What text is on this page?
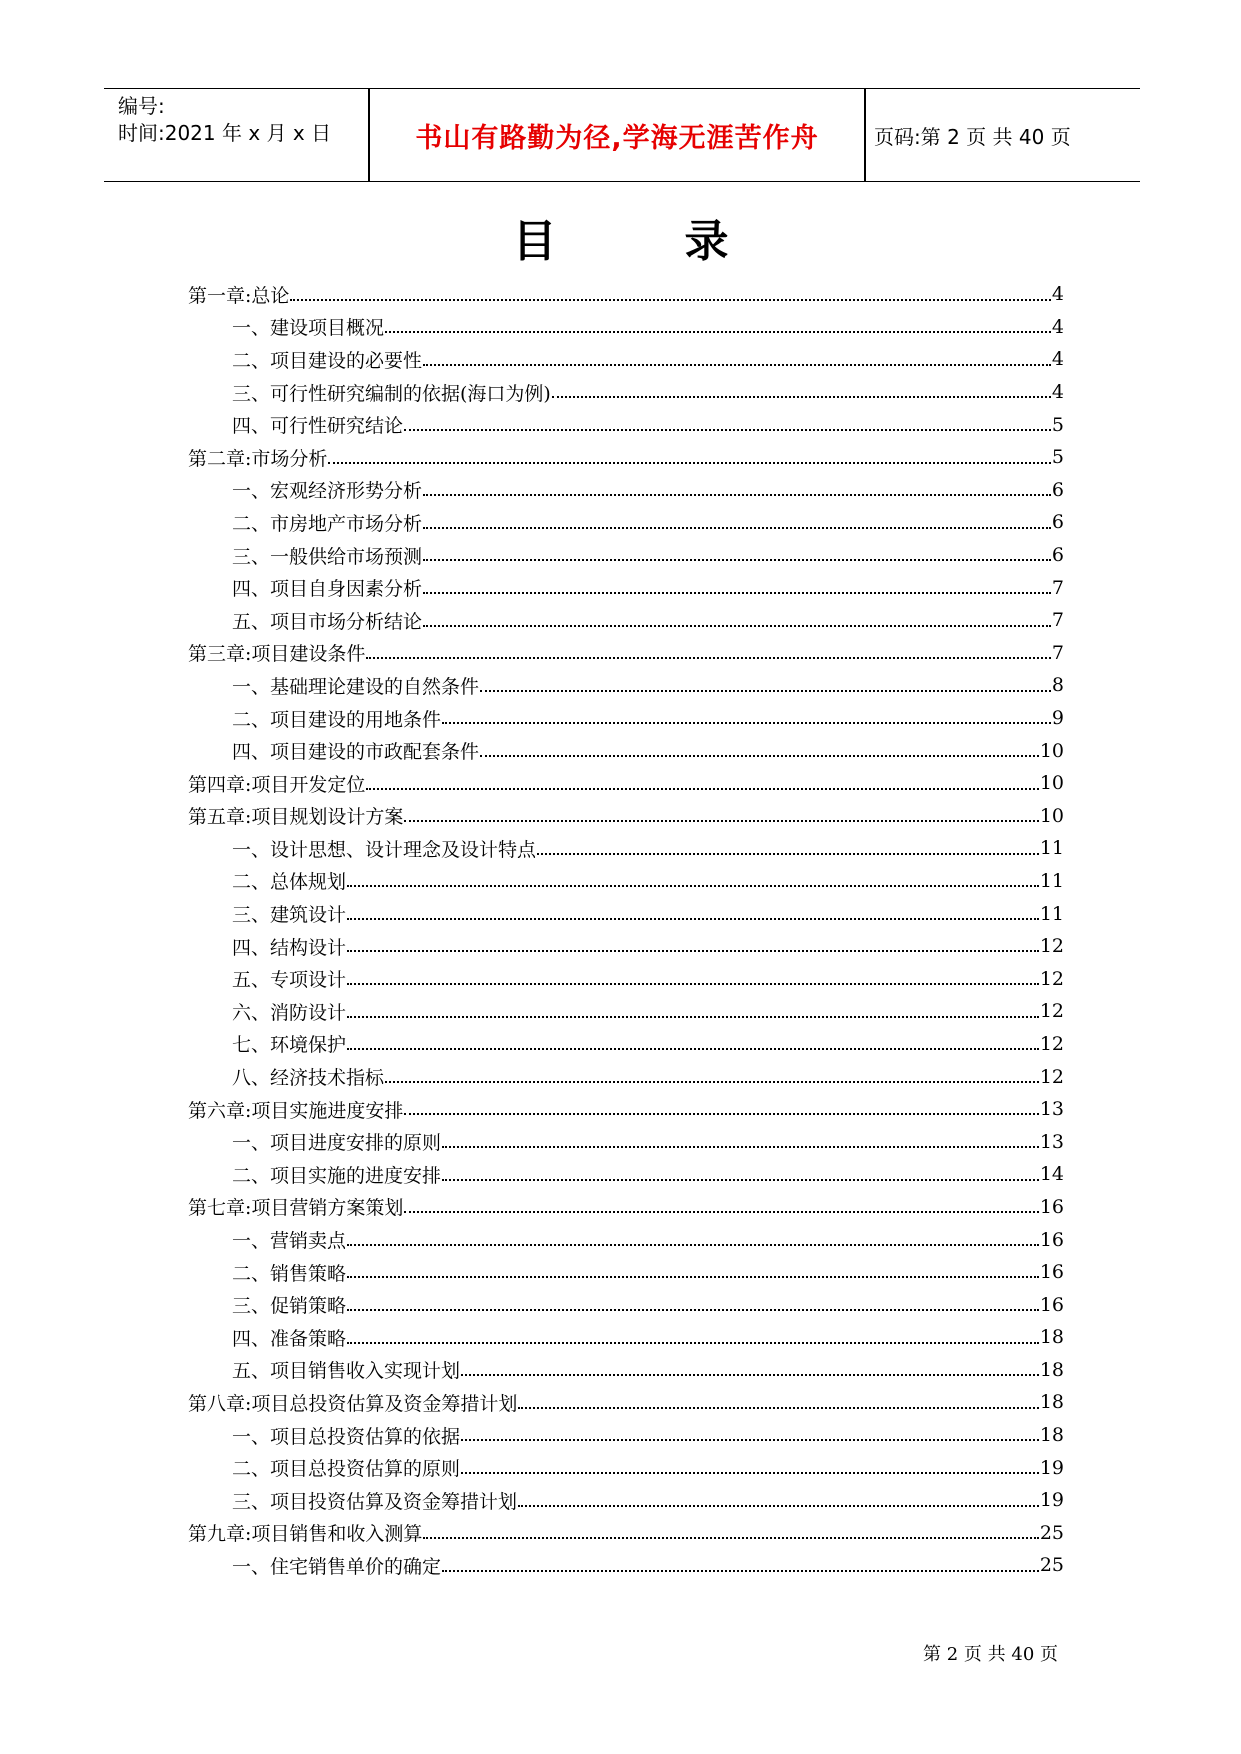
编号:
时间:2021 年 x 月 x 日	书山有路勤为径,学海无涯苦作舟	页码:第 2 页 共 40 页
目录
第一章:总论	4
一、建设项目概况	4
二、项目建设的必要性	4
三、可行性研究编制的依据(海口为例)	4
四、可行性研究结论	5
第二章:市场分析	5
一、宏观经济形势分析	6
二、市房地产市场分析	6
三、一般供给市场预测	6
四、项目自身因素分析	7
五、项目市场分析结论	7
第三章:项目建设条件	7
一、基础理论建设的自然条件	8
二、项目建设的用地条件	9
四、项目建设的市政配套条件	10
第四章:项目开发定位	10
第五章:项目规划设计方案	10
一、设计思想、设计理念及设计特点	11
二、总体规划	11
三、建筑设计	11
四、结构设计	12
五、专项设计	12
六、消防设计	12
七、环境保护	12
八、经济技术指标	12
第六章:项目实施进度安排	13
一、项目进度安排的原则	13
二、项目实施的进度安排	14
第七章:项目营销方案策划	16
一、营销卖点	16
二、销售策略	16
三、促销策略	16
四、准备策略	18
五、项目销售收入实现计划	18
第八章:项目总投资估算及资金筹措计划	18
一、项目总投资估算的依据	18
二、项目总投资估算的原则	19
三、项目投资估算及资金筹措计划	19
第九章:项目销售和收入测算	25
一、住宅销售单价的确定	25
第 2 页 共 40 页
